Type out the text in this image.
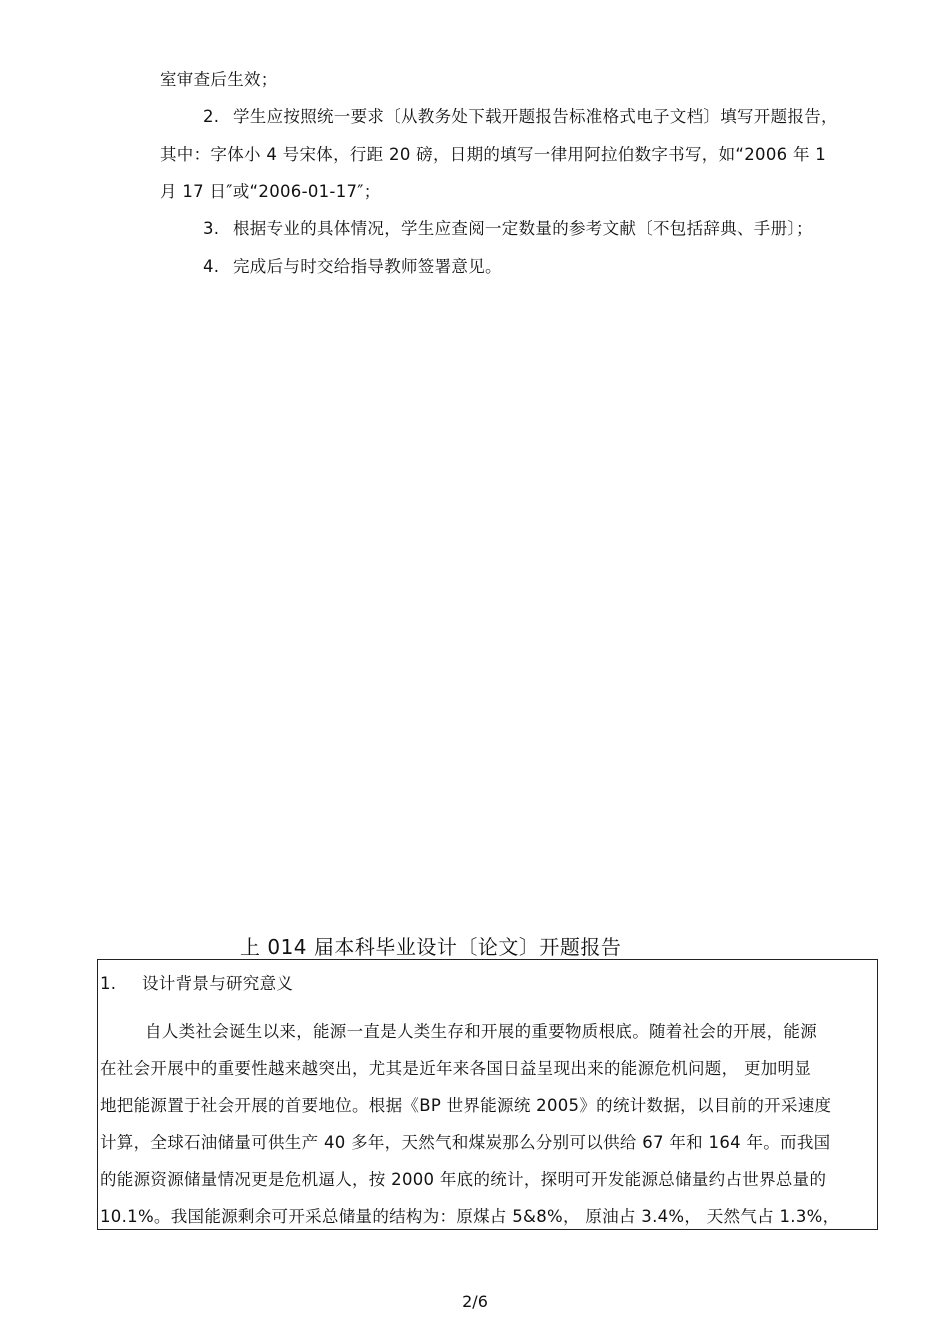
室审查后生效；
2. 学生应按照统一要求〔从教务处下载开题报告标准格式电子文档〕填写开题报告，
其中：字体小 4 号宋体，行距 20 磅，日期的填写一律用阿拉伯数字书写，如“2006 年 1
月 17 日″或“2006-01-17″；
3. 根据专业的具体情况，学生应查阅一定数量的参考文献〔不包括辞典、手册〕；
4. 完成后与时交给指导教师签署意见。
上 014 届本科毕业设计〔论文〕开题报告
1. 设计背景与研究意义
自人类社会诞生以来，能源一直是人类生存和开展的重要物质根底。随着社会的开展，能源
在社会开展中的重要性越来越突出，尤其是近年来各国日益呈现出来的能源危机问题， 更加明显
地把能源置于社会开展的首要地位。根据《BP 世界能源统 2005》的统计数据，以目前的开采速度
计算，全球石油储量可供生产 40 多年，天然气和煤炭那么分别可以供给 67 年和 164 年。而我国
的能源资源储量情况更是危机逼人，按 2000 年底的统计，探明可开发能源总储量约占世界总量的
10.1%。我国能源剩余可开采总储量的结构为：原煤占 5&8%， 原油占 3.4%， 天然气占 1.3%，
2/6
